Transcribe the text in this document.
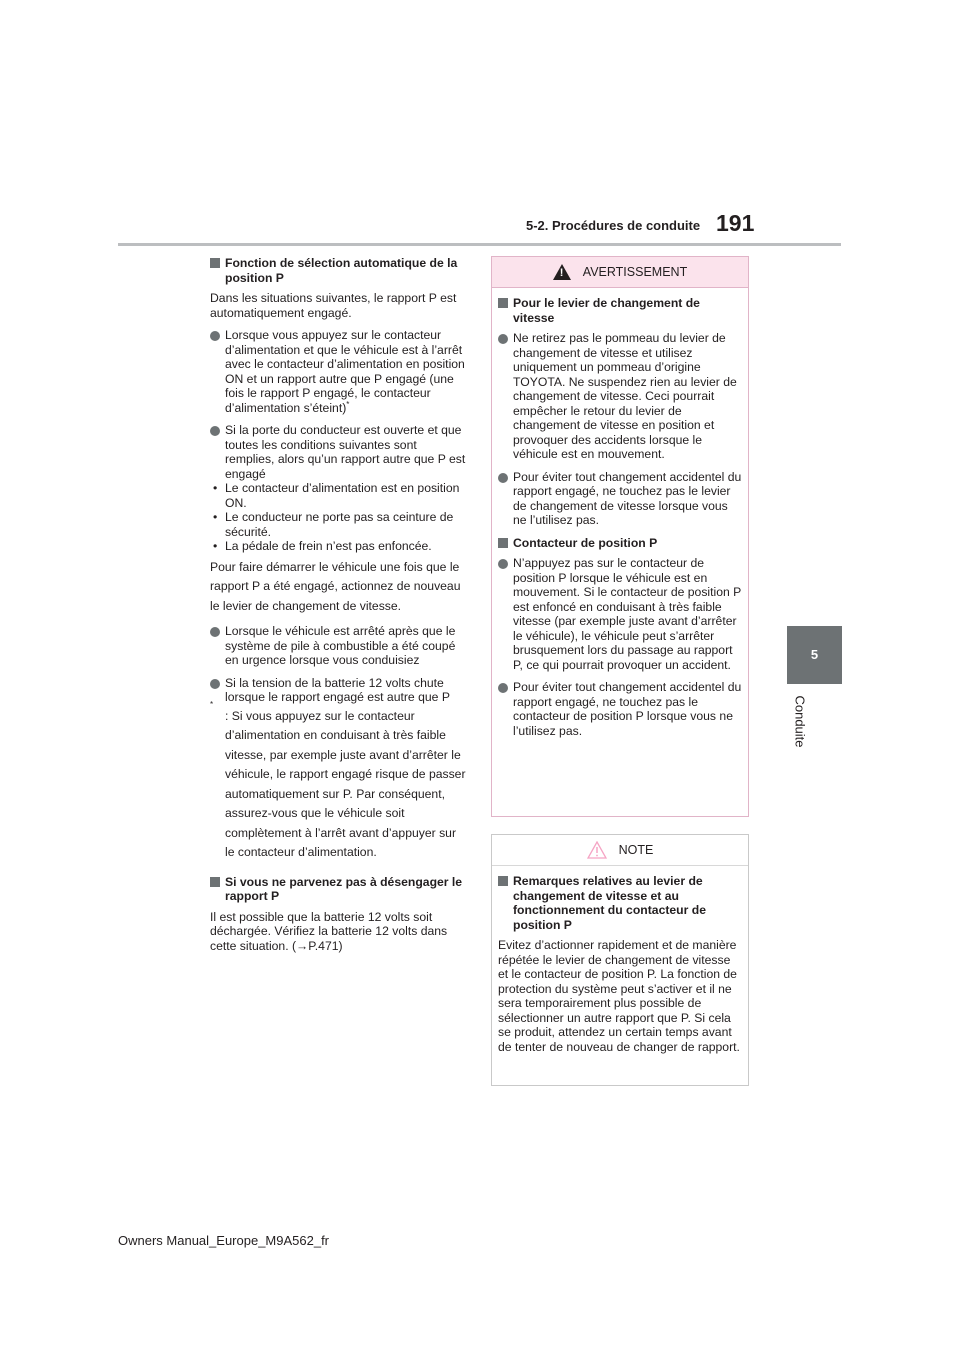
5-2. Procédures de conduite 191
5
Conduite
Fonction de sélection automatique de la position P
Dans les situations suivantes, le rapport P est automatiquement engagé.
Lorsque vous appuyez sur le contacteur d’alimentation et que le véhicule est à l’arrêt avec le contacteur d’alimentation en position ON et un rapport autre que P engagé (une fois le rapport P engagé, le contacteur d’alimentation s’éteint)*
Si la porte du conducteur est ouverte et que toutes les conditions suivantes sont remplies, alors qu’un rapport autre que P est engagé
• Le contacteur d’alimentation est en position ON.
• Le conducteur ne porte pas sa ceinture de sécurité.
• La pédale de frein n’est pas enfoncée.
Pour faire démarrer le véhicule une fois que le rapport P a été engagé, actionnez de nouveau le levier de changement de vitesse.
Lorsque le véhicule est arrêté après que le système de pile à combustible a été coupé en urgence lorsque vous conduisiez
Si la tension de la batterie 12 volts chute lorsque le rapport engagé est autre que P
*
: Si vous appuyez sur le contacteur d’alimentation en conduisant à très faible vitesse, par exemple juste avant d’arrêter le véhicule, le rapport engagé risque de passer automatiquement sur P. Par conséquent, assurez-vous que le véhicule soit complètement à l’arrêt avant d’appuyer sur le contacteur d’alimentation.
Si vous ne parvenez pas à désengager le rapport P
Il est possible que la batterie 12 volts soit déchargée. Vérifiez la batterie 12 volts dans cette situation. (→P.471)
!
AVERTISSEMENT
Pour le levier de changement de vitesse
Ne retirez pas le pommeau du levier de changement de vitesse et utilisez uniquement un pommeau d’origine TOYOTA. Ne suspendez rien au levier de changement de vitesse. Ceci pourrait empêcher le retour du levier de changement de vitesse en position et provoquer des accidents lorsque le véhicule est en mouvement.
Pour éviter tout changement accidentel du rapport engagé, ne touchez pas le levier de changement de vitesse lorsque vous ne l’utilisez pas.
Contacteur de position P
N’appuyez pas sur le contacteur de position P lorsque le véhicule est en mouvement. Si le contacteur de position P est enfoncé en conduisant à très faible vitesse (par exemple juste avant d’arrêter le véhicule), le véhicule peut s’arrêter brusquement lors du passage au rapport P, ce qui pourrait provoquer un accident.
Pour éviter tout changement accidentel du rapport engagé, ne touchez pas le contacteur de position P lorsque vous ne l’utilisez pas.
NOTE
Remarques relatives au levier de changement de vitesse et au fonctionnement du contacteur de position P
Evitez d’actionner rapidement et de manière répétée le levier de changement de vitesse et le contacteur de position P. La fonction de protection du système peut s’activer et il ne sera temporairement plus possible de sélectionner un autre rapport que P. Si cela se produit, attendez un certain temps avant de tenter de nouveau de changer de rapport.
Owners Manual_Europe_M9A562_fr
